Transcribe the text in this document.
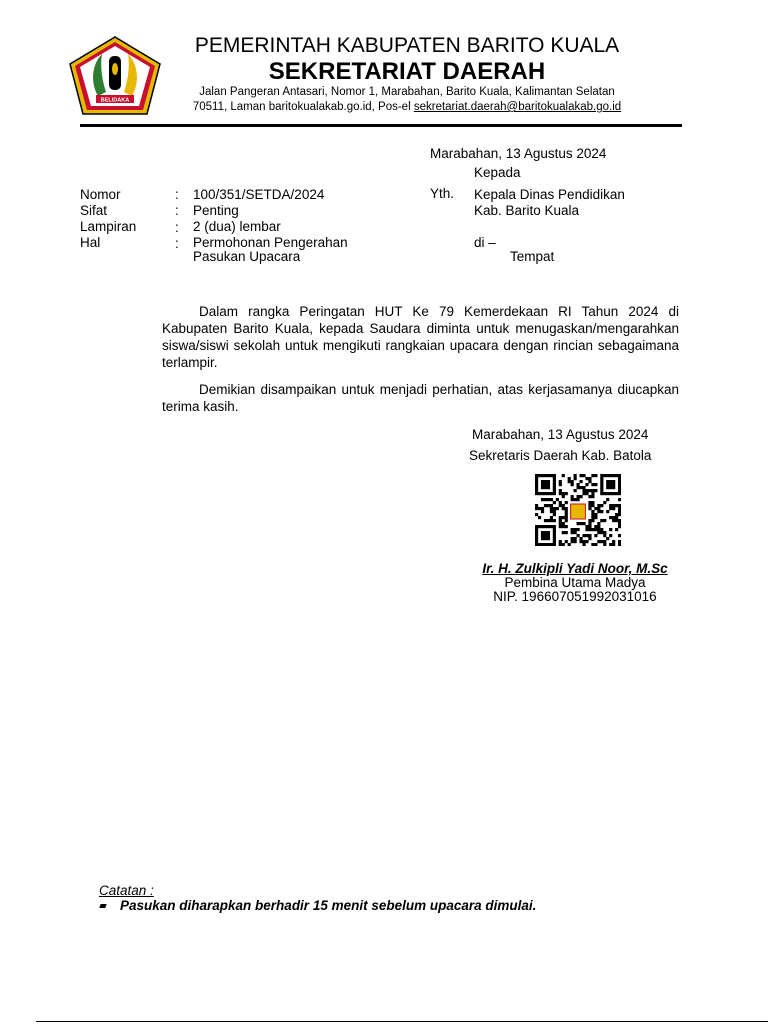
BELIDAKA
PEMERINTAH KABUPATEN BARITO KUALA
SEKRETARIAT DAERAH
Jalan Pangeran Antasari, Nomor 1, Marabahan, Barito Kuala, Kalimantan Selatan
70511, Laman baritokualakab.go.id, Pos-el sekretariat.daerah@baritokualakab.go.id
Marabahan, 13 Agustus 2024
Kepada
Yth. Kepala Dinas Pendidikan
Kab. Barito Kuala
di –
Tempat
Nomor	: 100/351/SETDA/2024
Sifat	: Penting
Lampiran	: 2 (dua) lembar
Hal	: Permohonan Pengerahan
Pasukan Upacara
Dalam rangka Peringatan HUT Ke 79 Kemerdekaan RI Tahun 2024 di Kabupaten Barito Kuala, kepada Saudara diminta untuk menugaskan/mengarahkan siswa/siswi sekolah untuk mengikuti rangkaian upacara dengan rincian sebagaimana terlampir.
Demikian disampaikan untuk menjadi perhatian, atas kerjasamanya diucapkan terima kasih.
Marabahan, 13 Agustus 2024
Sekretaris Daerah Kab. Batola
Ir. H. Zulkipli Yadi Noor, M.Sc
Pembina Utama Madya
NIP. 196607051992031016
Catatan :
Pasukan diharapkan berhadir 15 menit sebelum upacara dimulai.
